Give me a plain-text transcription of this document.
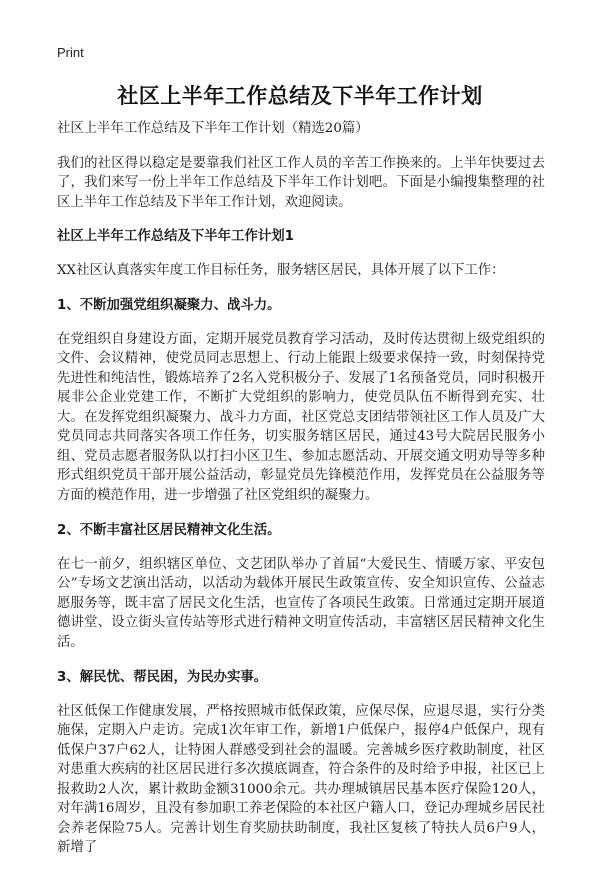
Print
社区上半年工作总结及下半年工作计划

社区上半年工作总结及下半年工作计划（精选20篇）

我们的社区得以稳定是要靠我们社区工作人员的辛苦工作换来的。上半年快要过去了，我们来写一份上半年工作总结及下半年工作计划吧。下面是小编搜集整理的社区上半年工作总结及下半年工作计划，欢迎阅读。

社区上半年工作总结及下半年工作计划1

XX社区认真落实年度工作目标任务，服务辖区居民，具体开展了以下工作：

1、不断加强党组织凝聚力、战斗力。

在党组织自身建设方面，定期开展党员教育学习活动，及时传达贯彻上级党组织的文件、会议精神，使党员同志思想上、行动上能跟上级要求保持一致，时刻保持党先进性和纯洁性，锻炼培养了2名入党积极分子、发展了1名预备党员，同时积极开展非公企业党建工作，不断扩大党组织的影响力，使党员队伍不断得到充实、壮大。在发挥党组织凝聚力、战斗力方面，社区党总支团结带领社区工作人员及广大党员同志共同落实各项工作任务，切实服务辖区居民，通过43号大院居民服务小组、党员志愿者服务队以打扫小区卫生、参加志愿活动、开展交通文明劝导等多种形式组织党员干部开展公益活动，彰显党员先锋模范作用，发挥党员在公益服务等方面的模范作用，进一步增强了社区党组织的凝聚力。

2、不断丰富社区居民精神文化生活。

在七一前夕，组织辖区单位、文艺团队举办了首届“大爱民生、情暖万家、平安包公”专场文艺演出活动，以活动为载体开展民生政策宣传、安全知识宣传、公益志愿服务等，既丰富了居民文化生活，也宣传了各项民生政策。日常通过定期开展道德讲堂、设立街头宣传站等形式进行精神文明宣传活动，丰富辖区居民精神文化生活。

3、解民忧、帮民困，为民办实事。

社区低保工作健康发展，严格按照城市低保政策，应保尽保，应退尽退，实行分类施保，定期入户走访。完成1次年审工作，新增1户低保户，报停4户低保户，现有低保户37户62人，让特困人群感受到社会的温暖。完善城乡医疗救助制度，社区对患重大疾病的社区居民进行多次摸底调查，符合条件的及时给予申报，社区已上报救助2人次，累计救助金额31000余元。共办理城镇居民基本医疗保险120人，对年满16周岁，且没有参加职工养老保险的本社区户籍人口，登记办理城乡居民社会养老保险75人。完善计划生育奖励扶助制度，我社区复核了特扶人员6户9人，新增了
